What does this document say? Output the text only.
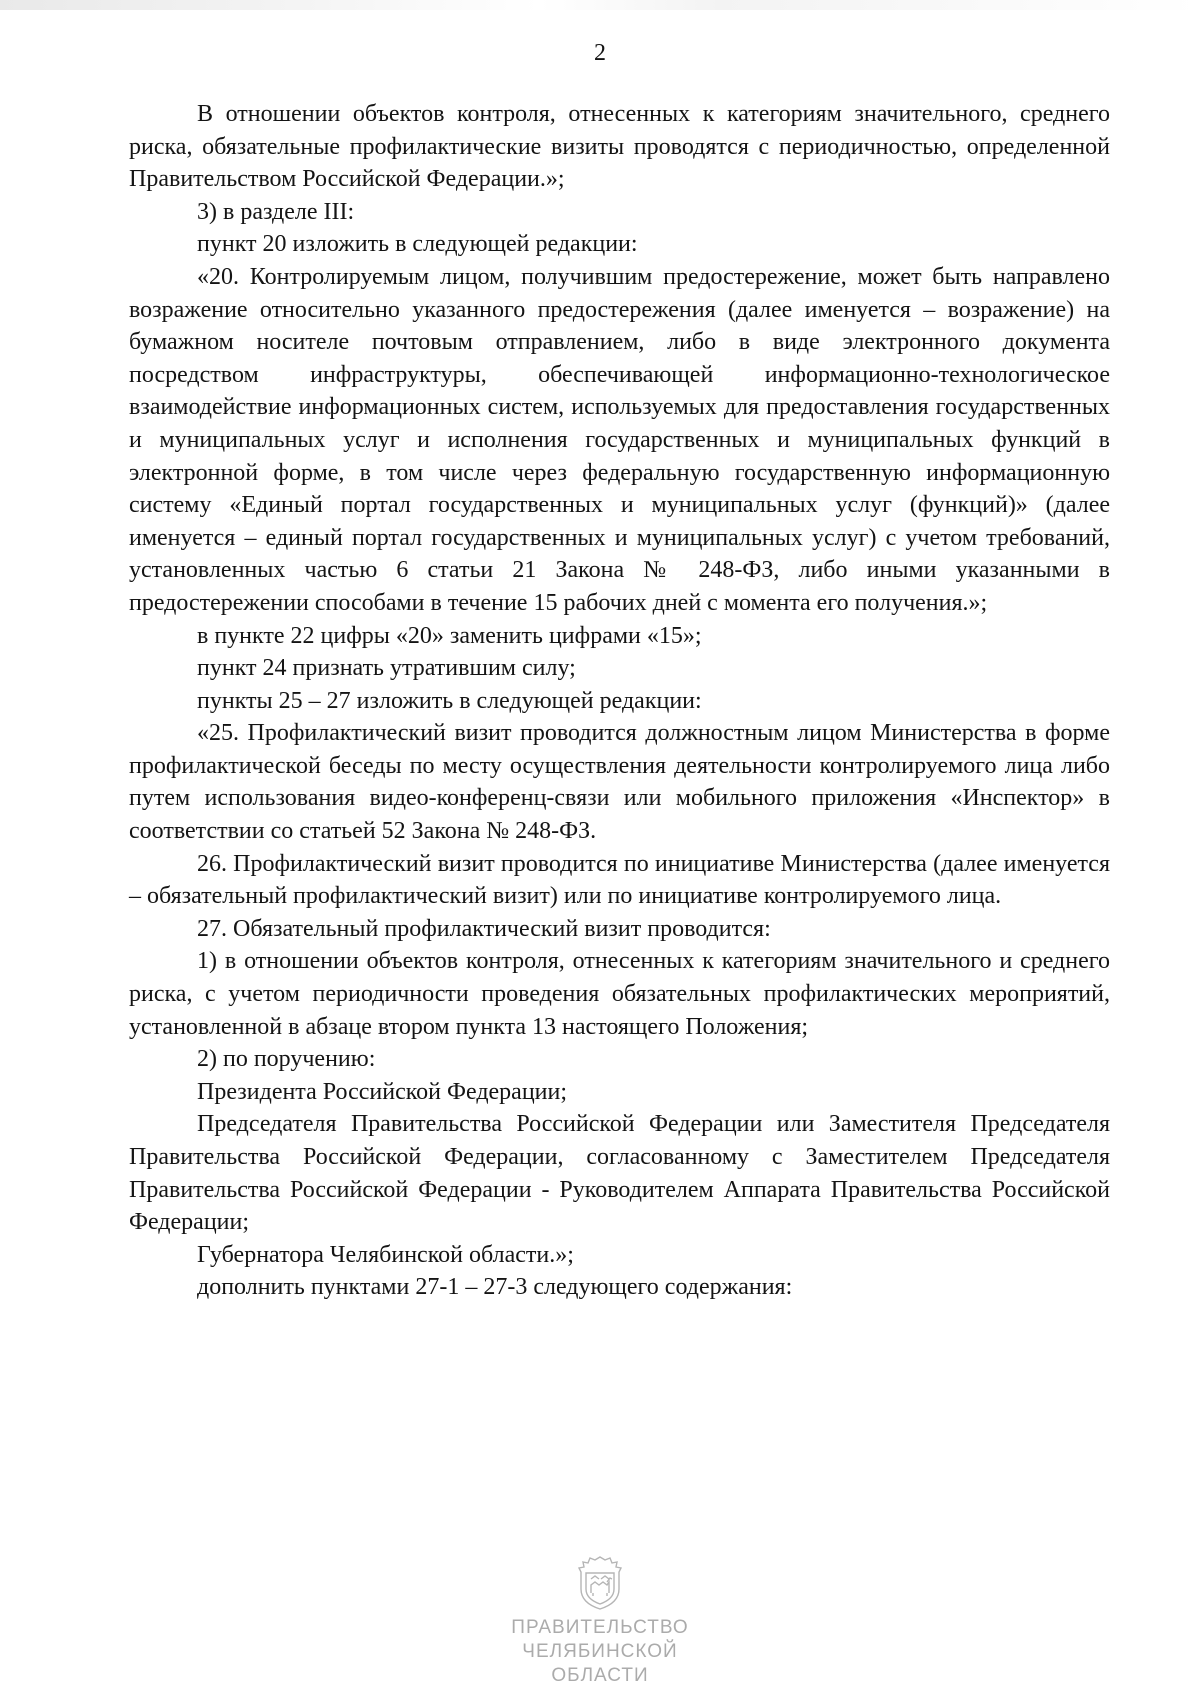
2

В отношении объектов контроля, отнесенных к категориям значительного, среднего риска, обязательные профилактические визиты проводятся с периодичностью, определенной Правительством Российской Федерации.»;

3) в разделе III:

пункт 20 изложить в следующей редакции:

«20. Контролируемым лицом, получившим предостережение, может быть направлено возражение относительно указанного предостережения (далее именуется – возражение) на бумажном носителе почтовым отправлением, либо в виде электронного документа посредством инфраструктуры, обеспечивающей информационно-технологическое взаимодействие информационных систем, используемых для предоставления государственных и муниципальных услуг и исполнения государственных и муниципальных функций в электронной форме, в том числе через федеральную государственную информационную систему «Единый портал государственных и муниципальных услуг (функций)» (далее именуется – единый портал государственных и муниципальных услуг) с учетом требований, установленных частью 6 статьи 21 Закона № 248-ФЗ, либо иными указанными в предостережении способами в течение 15 рабочих дней с момента его получения.»;

в пункте 22 цифры «20» заменить цифрами «15»;

пункт 24 признать утратившим силу;

пункты 25 – 27 изложить в следующей редакции:

«25. Профилактический визит проводится должностным лицом Министерства в форме профилактической беседы по месту осуществления деятельности контролируемого лица либо путем использования видео-конференц-связи или мобильного приложения «Инспектор» в соответствии со статьей 52 Закона № 248-ФЗ.

26. Профилактический визит проводится по инициативе Министерства (далее именуется – обязательный профилактический визит) или по инициативе контролируемого лица.

27. Обязательный профилактический визит проводится:

1) в отношении объектов контроля, отнесенных к категориям значительного и среднего риска, с учетом периодичности проведения обязательных профилактических мероприятий, установленной в абзаце втором пункта 13 настоящего Положения;

2) по поручению:

Президента Российской Федерации;

Председателя Правительства Российской Федерации или Заместителя Председателя Правительства Российской Федерации, согласованному с Заместителем Председателя Правительства Российской Федерации - Руководителем Аппарата Правительства Российской Федерации;

Губернатора Челябинской области.»;

дополнить пунктами 27-1 – 27-3 следующего содержания:

ПРАВИТЕЛЬСТВО
ЧЕЛЯБИНСКОЙ ОБЛАСТИ
